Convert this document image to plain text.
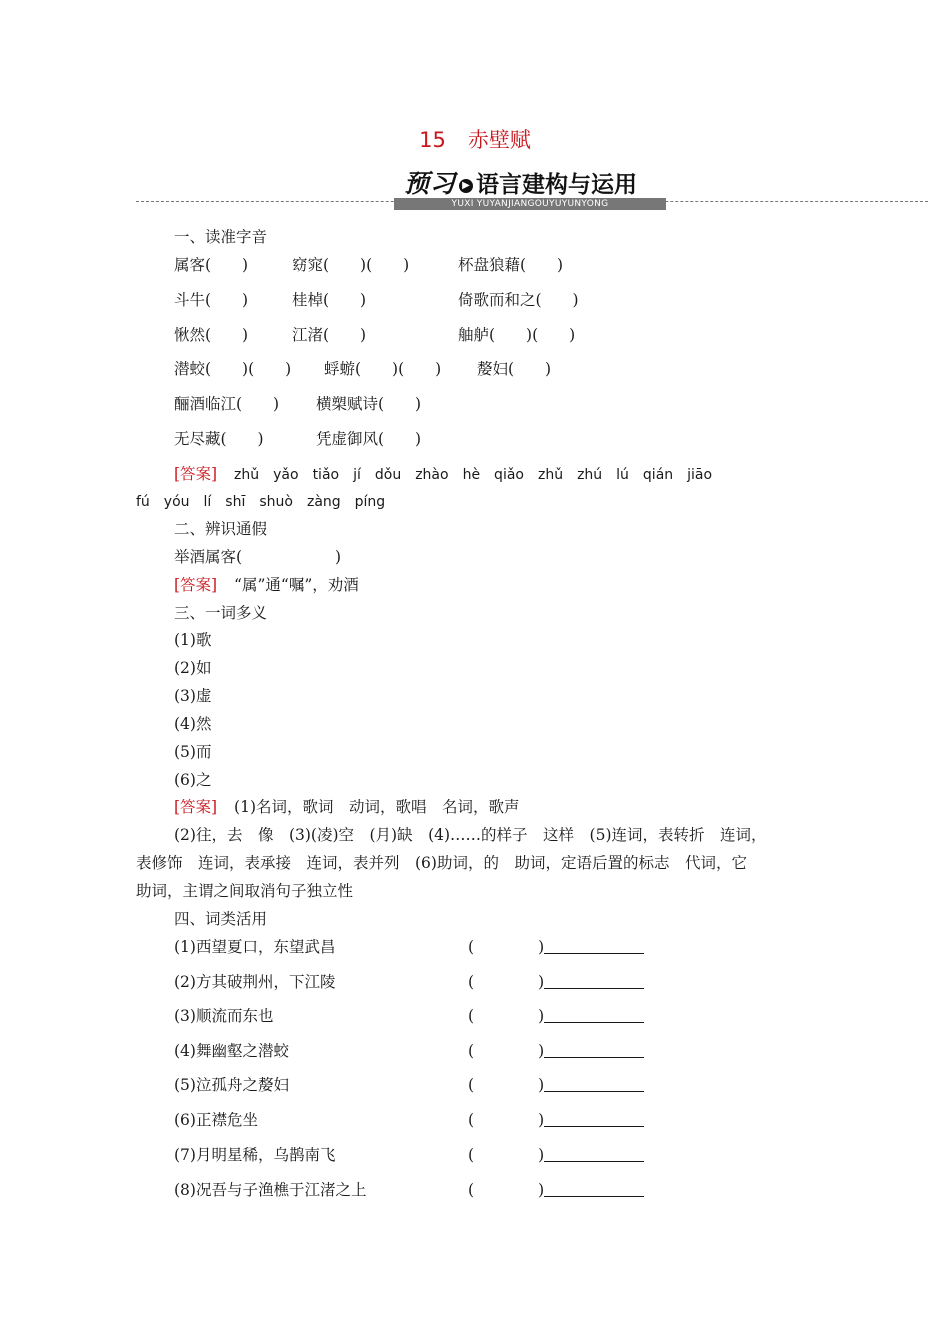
15 赤壁赋
预习 ▶ 语言建构与运用
YUXI YUYANJIANGOUYUYUNYONG
一、读准字音
属客(　　)	窈窕(　　)(　　)	杯盘狼藉(　　)
斗牛(　　)	桂棹(　　)	倚歌而和之(　　)
愀然(　　)	江渚(　　)	舳舻(　　)(　　)
潜蛟(　　)(　　) 蜉蝣(　　)(　　) 嫠妇(　　)
酾酒临江(　　) 横槊赋诗(　　)
无尽藏(　　)	凭虚御风(　　)
[答案] zhǔ　yǎo　tiǎo　jí　dǒu　zhào　hè　qiǎo　zhǔ　zhú　lú　qián　jiāo
fú　yóu　lí　shī　shuò　zàng　píng
二、辨识通假
举酒属客(　　　　　　)
[答案] “属”通“嘱”，劝酒
三、一词多义
(1)歌
(2)如
(3)虚
(4)然
(5)而
(6)之
[答案] (1)名词，歌词　动词，歌唱　名词，歌声
(2)往，去　像　(3)(凌)空　(月)缺　(4)……的样子　这样　(5)连词，表转折　连词，
表修饰　连词，表承接　连词，表并列　(6)助词，的　助词，定语后置的标志　代词，它
助词，主谓之间取消句子独立性
四、词类活用
(1)西望夏口，东望武昌	(	)
(2)方其破荆州，下江陵	(	)
(3)顺流而东也	(	)
(4)舞幽壑之潜蛟	(	)
(5)泣孤舟之嫠妇	(	)
(6)正襟危坐	(	)
(7)月明星稀，乌鹊南飞	(	)
(8)况吾与子渔樵于江渚之上	(	)
